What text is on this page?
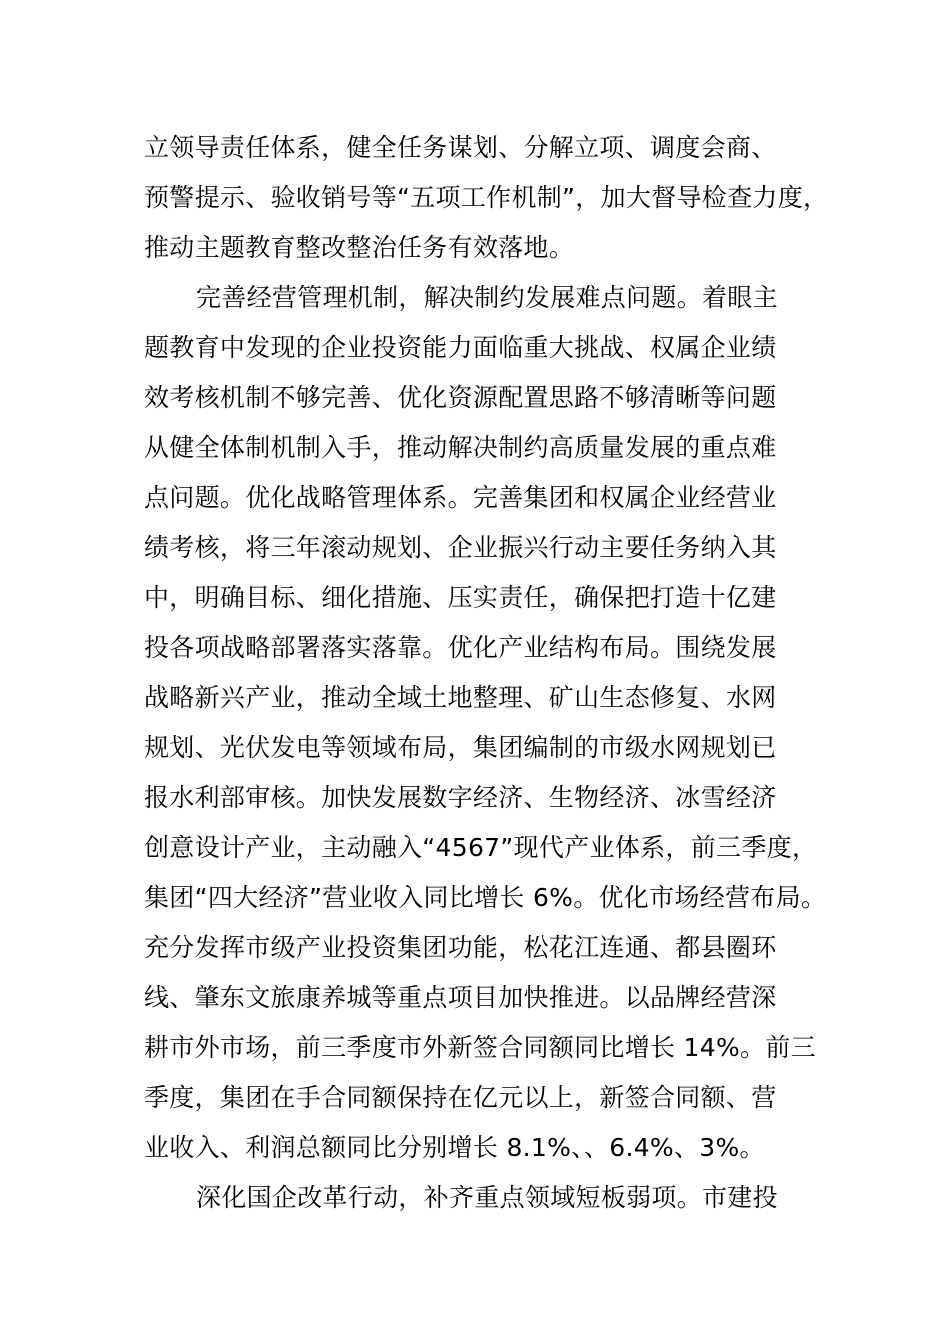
立领导责任体系，健全任务谋划、分解立项、调度会商、
预警提示、验收销号等“五项工作机制”，加大督导检查力度，
推动主题教育整改整治任务有效落地。
完善经营管理机制，解决制约发展难点问题。着眼主
题教育中发现的企业投资能力面临重大挑战、权属企业绩
效考核机制不够完善、优化资源配置思路不够清晰等问题
从健全体制机制入手，推动解决制约高质量发展的重点难
点问题。优化战略管理体系。完善集团和权属企业经营业
绩考核，将三年滚动规划、企业振兴行动主要任务纳入其
中，明确目标、细化措施、压实责任，确保把打造十亿建
投各项战略部署落实落靠。优化产业结构布局。围绕发展
战略新兴产业，推动全域土地整理、矿山生态修复、水网
规划、光伏发电等领域布局，集团编制的市级水网规划已
报水利部审核。加快发展数字经济、生物经济、冰雪经济
创意设计产业，主动融入“4567”现代产业体系，前三季度，
集团“四大经济”营业收入同比增长 6%。优化市场经营布局。
充分发挥市级产业投资集团功能，松花江连通、都县圈环
线、肇东文旅康养城等重点项目加快推进。以品牌经营深
耕市外市场，前三季度市外新签合同额同比增长 14%。前三
季度，集团在手合同额保持在亿元以上，新签合同额、营
业收入、利润总额同比分别增长 8.1%、、6.4%、3%。
深化国企改革行动，补齐重点领域短板弱项。市建投
